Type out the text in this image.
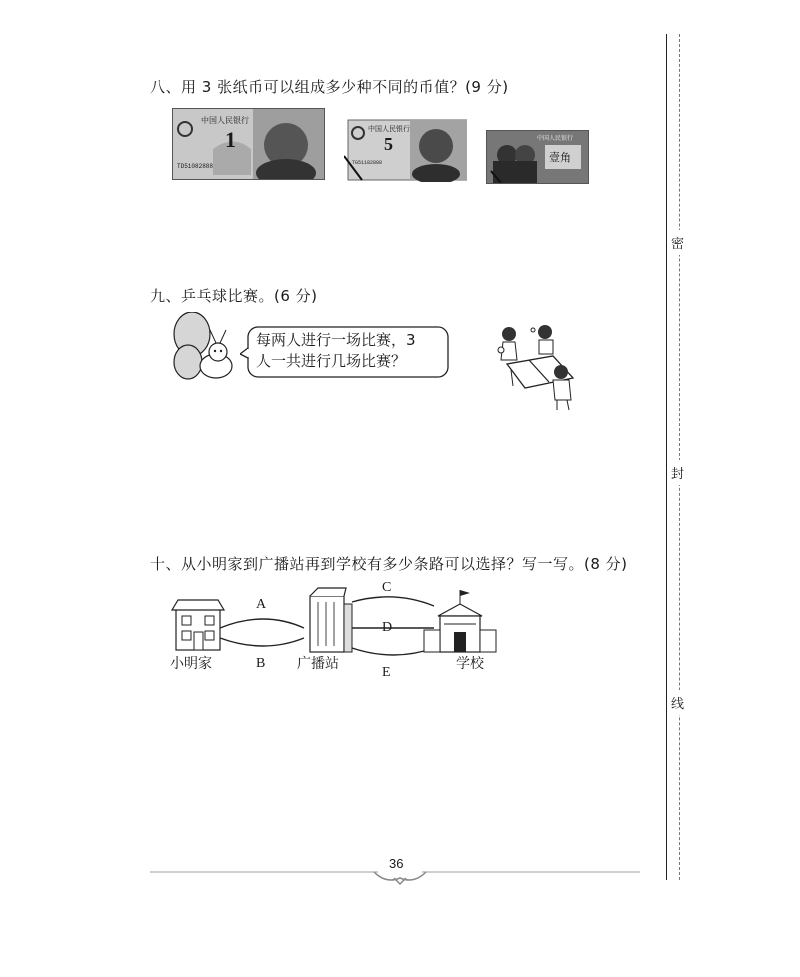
密
封
线
八、用 3 张纸币可以组成多少种不同的币值？(9 分)
中国人民银行
1
TD51082888
中国人民银行
5
TG51182888
中国人民银行
壹角
九、乒乓球比赛。(6 分)
每两人进行一场比赛，3
人一共进行几场比赛？
十、从小明家到广播站再到学校有多少条路可以选择？写一写。(8 分)
A
B
C
D
E
小明家	广播站	学校
36
